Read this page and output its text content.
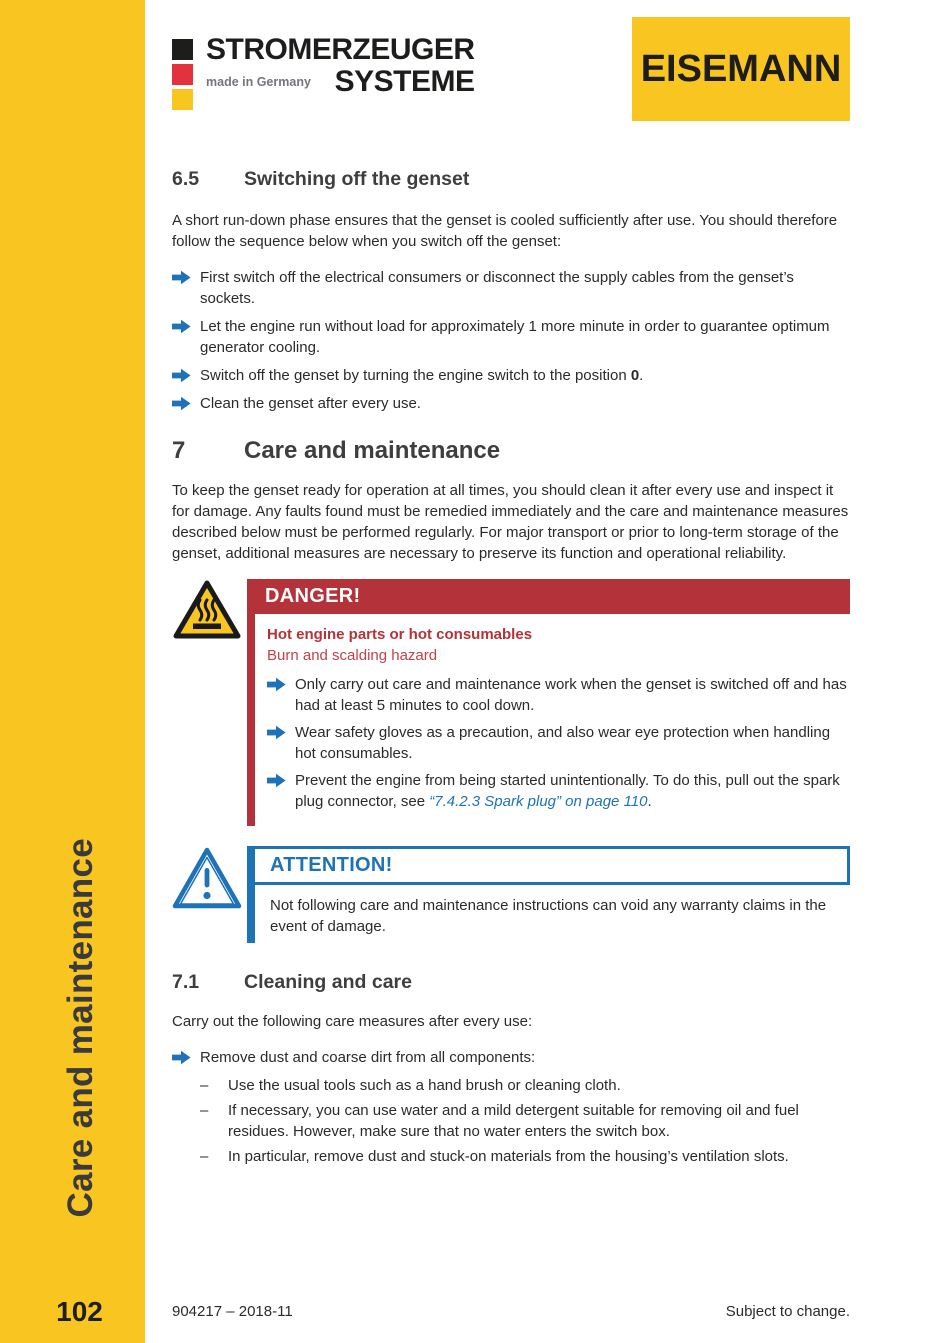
Care and maintenance
102
STROMERZEUGER
made in Germany SYSTEME	EISEMANN
6.5	Switching off the genset

A short run-down phase ensures that the genset is cooled sufficiently after use. You should therefore follow the sequence below when you switch off the genset:

First switch off the electrical consumers or disconnect the supply cables from the genset’s sockets.
Let the engine run without load for approximately 1 more minute in order to guarantee optimum generator cooling.
Switch off the genset by turning the engine switch to the position 0.
Clean the genset after every use.
7	Care and maintenance

To keep the genset ready for operation at all times, you should clean it after every use and inspect it for damage. Any faults found must be remedied immediately and the care and maintenance measures described below must be performed regularly. For major transport or prior to long-term storage of the genset, additional measures are necessary to preserve its function and operational reliability.

DANGER!
Hot engine parts or hot consumables
Burn and scalding hazard
Only carry out care and maintenance work when the genset is switched off and has had at least 5 minutes to cool down.
Wear safety gloves as a precaution, and also wear eye protection when handling hot consumables.
Prevent the engine from being started unintentionally. To do this, pull out the spark plug connector, see “7.4.2.3 Spark plug” on page 110.
ATTENTION!
Not following care and maintenance instructions can void any warranty claims in the event of damage.
7.1	Cleaning and care

Carry out the following care measures after every use:

Remove dust and coarse dirt from all components:
–	Use the usual tools such as a hand brush or cleaning cloth.
–	If necessary, you can use water and a mild detergent suitable for removing oil and fuel residues. However, make sure that no water enters the switch box.
–	In particular, remove dust and stuck-on materials from the housing’s ventilation slots.
904217 – 2018-11	Subject to change.
